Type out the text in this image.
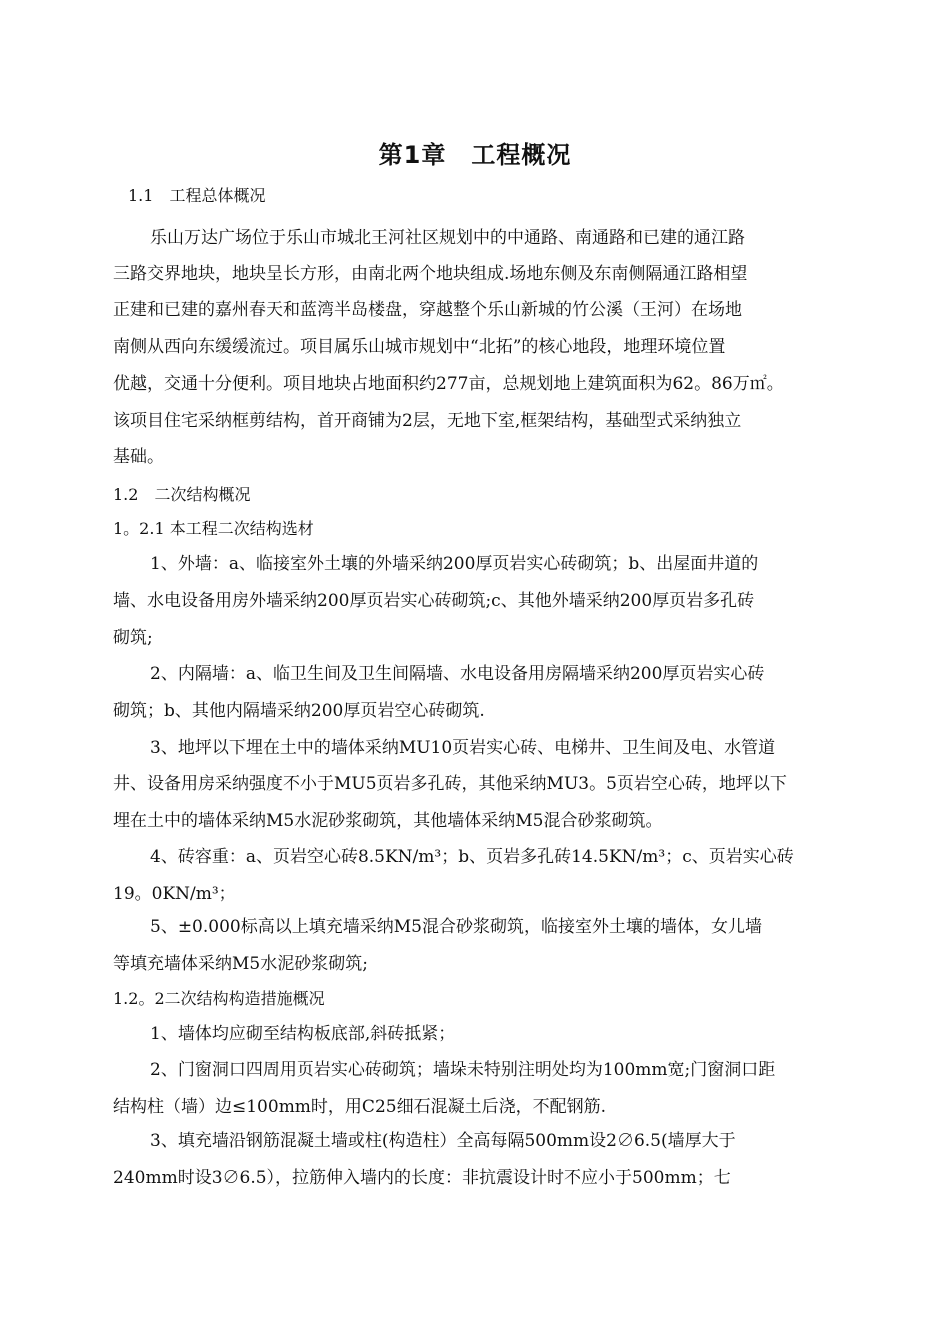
第1章　工程概况
1.1　工程总体概况
乐山万达广场位于乐山市城北王河社区规划中的中通路、南通路和已建的通江路
三路交界地块，地块呈长方形，由南北两个地块组成.场地东侧及东南侧隔通江路相望
正建和已建的嘉州春天和蓝湾半岛楼盘，穿越整个乐山新城的竹公溪（王河）在场地
南侧从西向东缓缓流过。项目属乐山城市规划中“北拓”的核心地段，地理环境位置
优越，交通十分便利。项目地块占地面积约277亩，总规划地上建筑面积为62。86万㎡。
该项目住宅采纳框剪结构，首开商铺为2层，无地下室,框架结构，基础型式采纳独立
基础。
1.2　二次结构概况
1。2.1 本工程二次结构选材
1、外墙：a、临接室外土壤的外墙采纳200厚页岩实心砖砌筑；b、出屋面井道的
墙、水电设备用房外墙采纳200厚页岩实心砖砌筑;c、其他外墙采纳200厚页岩多孔砖
砌筑;
2、内隔墙：a、临卫生间及卫生间隔墙、水电设备用房隔墙采纳200厚页岩实心砖
砌筑；b、其他内隔墙采纳200厚页岩空心砖砌筑.
3、地坪以下埋在土中的墙体采纳MU10页岩实心砖、电梯井、卫生间及电、水管道
井、设备用房采纳强度不小于MU5页岩多孔砖，其他采纳MU3。5页岩空心砖，地坪以下
埋在土中的墙体采纳M5水泥砂浆砌筑，其他墙体采纳M5混合砂浆砌筑。
4、砖容重：a、页岩空心砖8.5KN/m³；b、页岩多孔砖14.5KN/m³；c、页岩实心砖
19。0KN/m³；
5、±0.000标高以上填充墙采纳M5混合砂浆砌筑，临接室外土壤的墙体，女儿墙
等填充墙体采纳M5水泥砂浆砌筑;
1.2。2二次结构构造措施概况
1、墙体均应砌至结构板底部,斜砖抵紧；
2、门窗洞口四周用页岩实心砖砌筑；墙垛未特别注明处均为100mm宽;门窗洞口距
结构柱（墙）边≤100mm时，用C25细石混凝土后浇，不配钢筋.
3、填充墙沿钢筋混凝土墙或柱(构造柱）全高每隔500mm设2∅6.5(墙厚大于
240mm时设3∅6.5），拉筋伸入墙内的长度：非抗震设计时不应小于500mm；七
